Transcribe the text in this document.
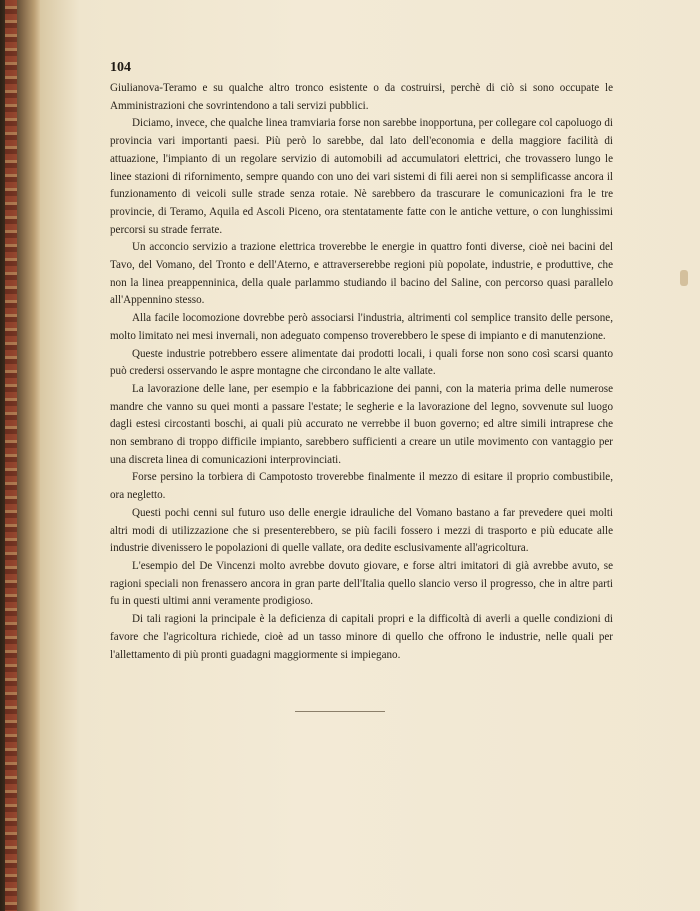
104

Giulianova-Teramo e su qualche altro tronco esistente o da costruirsi, perchè di ciò si sono occupate le Amministrazioni che sovrintendono a tali servizi pubblici.

Diciamo, invece, che qualche linea tramviaria forse non sarebbe inopportuna, per collegare col capoluogo di provincia vari importanti paesi. Più però lo sarebbe, dal lato dell'economia e della maggiore facilità di attuazione, l'impianto di un regolare servizio di automobili ad accumulatori elettrici, che trovassero lungo le linee stazioni di rifornimento, sempre quando con uno dei vari sistemi di fili aerei non si semplificasse ancora il funzionamento di veicoli sulle strade senza rotaie. Nè sarebbero da trascurare le comunicazioni fra le tre provincie, di Teramo, Aquila ed Ascoli Piceno, ora stentatamente fatte con le antiche vetture, o con lunghissimi percorsi su strade ferrate.

Un acconcio servizio a trazione elettrica troverebbe le energie in quattro fonti diverse, cioè nei bacini del Tavo, del Vomano, del Tronto e dell'Aterno, e attraverserebbe regioni più popolate, industrie, e produttive, che non la linea preappenninica, della quale parlammo studiando il bacino del Saline, con percorso quasi parallelo all'Appennino stesso.

Alla facile locomozione dovrebbe però associarsi l'industria, altrimenti col semplice transito delle persone, molto limitato nei mesi invernali, non adeguato compenso troverebbero le spese di impianto e di manutenzione.

Queste industrie potrebbero essere alimentate dai prodotti locali, i quali forse non sono così scarsi quanto può credersi osservando le aspre montagne che circondano le alte vallate.

La lavorazione delle lane, per esempio e la fabbricazione dei panni, con la materia prima delle numerose mandre che vanno su quei monti a passare l'estate; le segherie e la lavorazione del legno, sovvenute sul luogo dagli estesi circostanti boschi, ai quali più accurato ne verrebbe il buon governo; ed altre simili intraprese che non sembrano di troppo difficile impianto, sarebbero sufficienti a creare un utile movimento con vantaggio per una discreta linea di comunicazioni interprovinciati.

Forse persino la torbiera di Campotosto troverebbe finalmente il mezzo di esitare il proprio combustibile, ora negletto.

Questi pochi cenni sul futuro uso delle energie idrauliche del Vomano bastano a far prevedere quei molti altri modi di utilizzazione che si presenterebbero, se più facili fossero i mezzi di trasporto e più educate alle industrie divenissero le popolazioni di quelle vallate, ora dedite esclusivamente all'agricoltura.

L'esempio del De Vincenzi molto avrebbe dovuto giovare, e forse altri imitatori di già avrebbe avuto, se ragioni speciali non frenassero ancora in gran parte dell'Italia quello slancio verso il progresso, che in altre parti fu in questi ultimi anni veramente prodigioso.

Di tali ragioni la principale è la deficienza di capitali propri e la difficoltà di averli a quelle condizioni di favore che l'agricoltura richiede, cioè ad un tasso minore di quello che offrono le industrie, nelle quali per l'allettamento di più pronti guadagni maggiormente si impiegano.
